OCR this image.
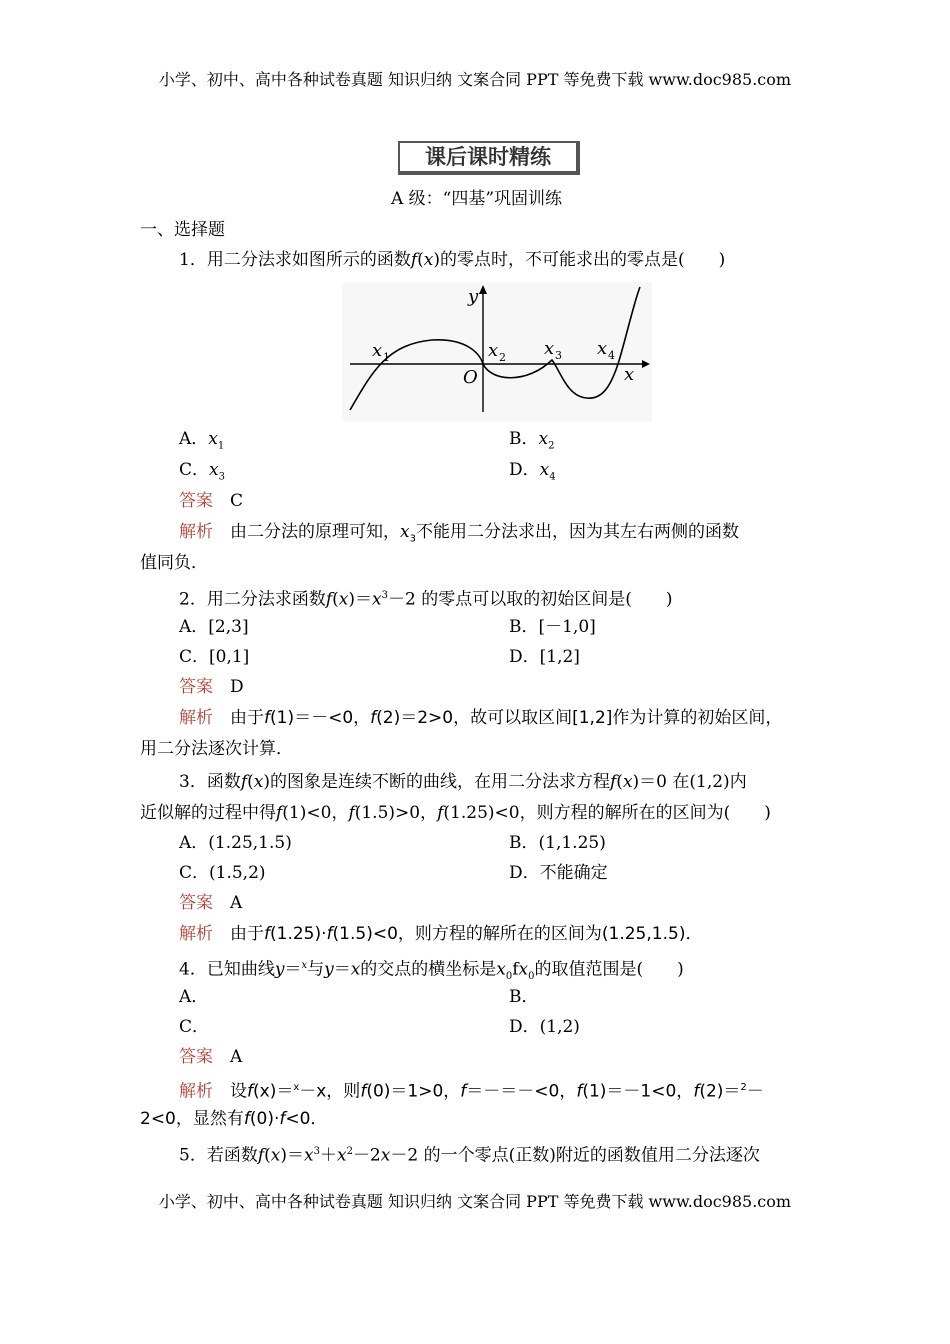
小学、初中、高中各种试卷真题 知识归纳 文案合同 PPT 等免费下载 www.doc985.com
课后课时精练
A 级：“四基”巩固训练
一、选择题
1．用二分法求如图所示的函数f(x)的零点时，不可能求出的零点是(　　)
y
x
O
x 1	x 2 x 3 x 4
A．$x_1$	B．$x_2$
C．$x_3$	D．$x_4$
答案　 C
解析　 由二分法的原理可知，$x_3$不能用二分法求出，因为其左右两侧的函数
值同负．
2．用二分法求函数$f(x)=x^3-2$ 的零点可以取的初始区间是(　　)
A．[2,3]	B．[－1,0]
C．[0,1]	D．[1,2]
答案　 D
解析　 由于f(1)＝－<0，f(2)＝2>0，故可以取区间[1,2]作为计算的初始区间，
用二分法逐次计算．
3．函数f(x)的图象是连续不断的曲线，在用二分法求方程f(x)＝0 在(1,2)内
近似解的过程中得f(1)<0，f(1.5)>0，f(1.25)<0，则方程的解所在的区间为(　　)
A．(1.25,1.5)	B．(1,1.25)
C．(1.5,2)	D．不能确定
答案　 A
解析　 由于f(1.25)·f(1.5)<0，则方程的解所在的区间为(1.25,1.5)．
4．已知曲线y＝$^x$与y＝x的交点的横坐标是$x_0fx_0$的取值范围是(　　)
A．	B．
C．	D．(1,2)
答案　 A
解析　 设f(x)＝$^x$－x，则f(0)＝1>0，f＝－＝－<0，f(1)＝－1<0，f(2)＝$^2$－
2<0，显然有f(0)·f<0．
5．若函数$f(x)=x^3+x^2-2x-2$ 的一个零点(正数)附近的函数值用二分法逐次
小学、初中、高中各种试卷真题 知识归纳 文案合同 PPT 等免费下载 www.doc985.com
